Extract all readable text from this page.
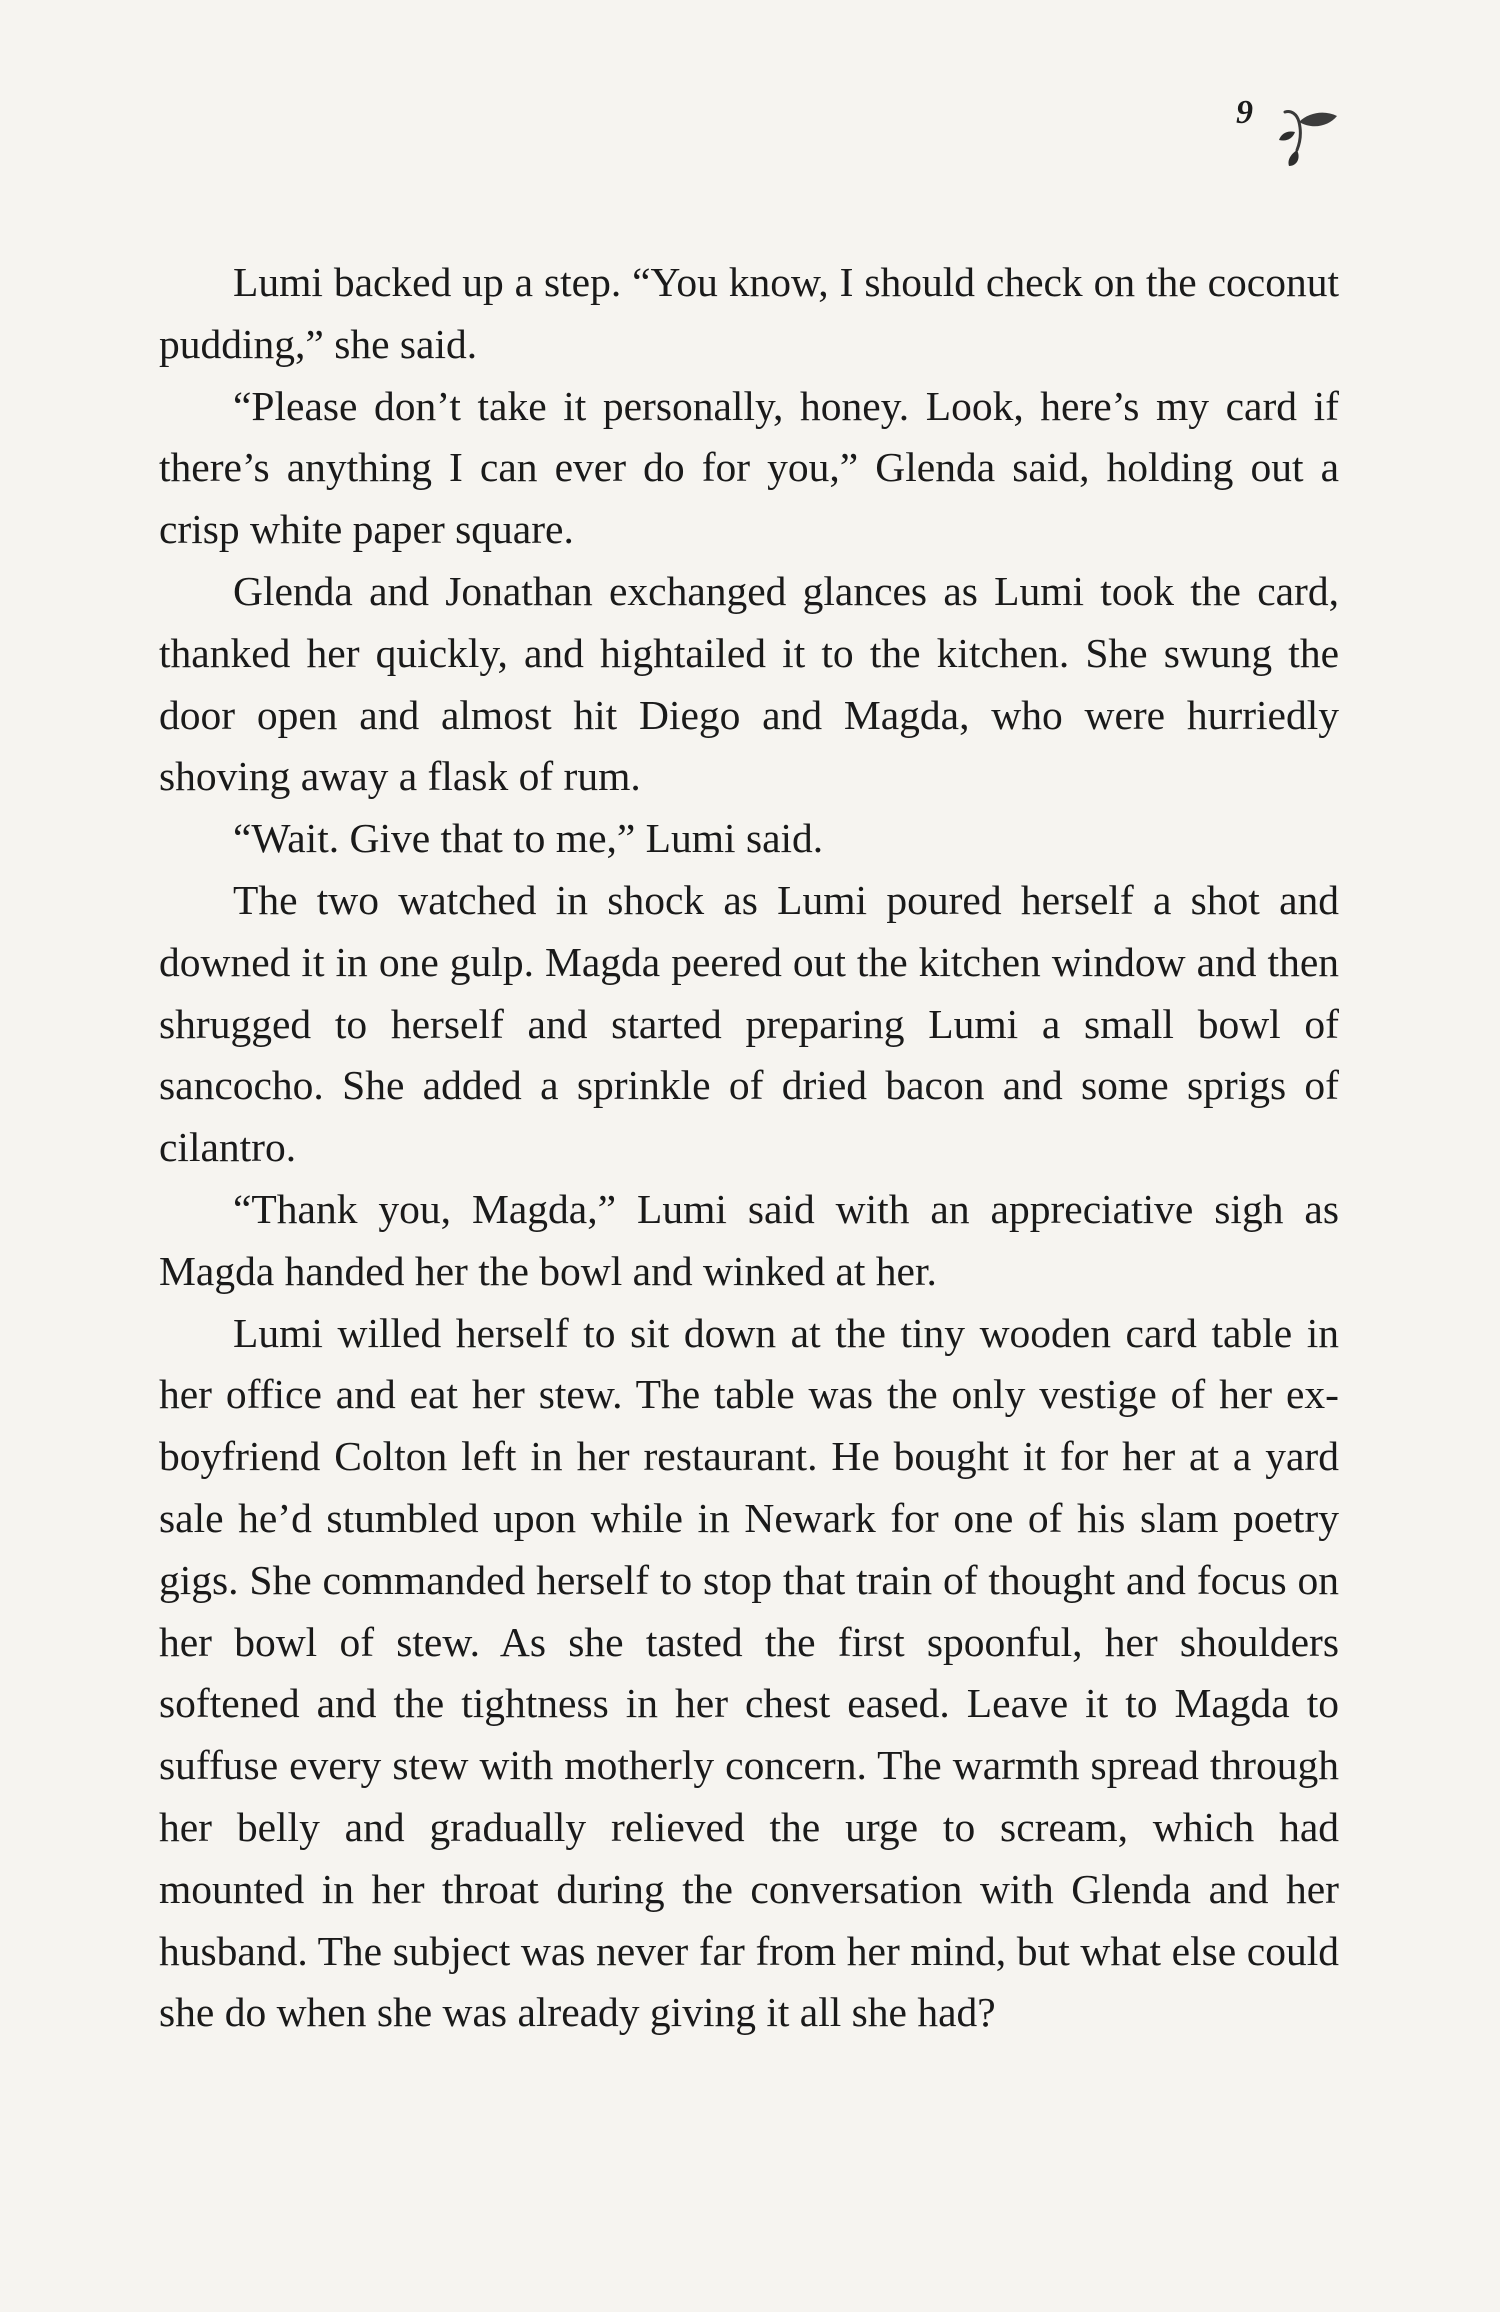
9

Lumi backed up a step. “You know, I should check on the coconut pudding,” she said.

“Please don’t take it personally, honey. Look, here’s my card if there’s anything I can ever do for you,” Glenda said, holding out a crisp white paper square.

Glenda and Jonathan exchanged glances as Lumi took the card, thanked her quickly, and hightailed it to the kitchen. She swung the door open and almost hit Diego and Magda, who were hurriedly shoving away a flask of rum.

“Wait. Give that to me,” Lumi said.

The two watched in shock as Lumi poured herself a shot and downed it in one gulp. Magda peered out the kitchen window and then shrugged to herself and started preparing Lumi a small bowl of sancocho. She added a sprinkle of dried bacon and some sprigs of cilantro.

“Thank you, Magda,” Lumi said with an appreciative sigh as Magda handed her the bowl and winked at her.

Lumi willed herself to sit down at the tiny wooden card table in her office and eat her stew. The table was the only vestige of her ex-boyfriend Colton left in her restaurant. He bought it for her at a yard sale he’d stumbled upon while in Newark for one of his slam poetry gigs. She commanded herself to stop that train of thought and focus on her bowl of stew. As she tasted the first spoonful, her shoulders softened and the tightness in her chest eased. Leave it to Magda to suffuse every stew with motherly concern. The warmth spread through her belly and gradually relieved the urge to scream, which had mounted in her throat during the conversation with Glenda and her husband. The subject was never far from her mind, but what else could she do when she was already giving it all she had?
